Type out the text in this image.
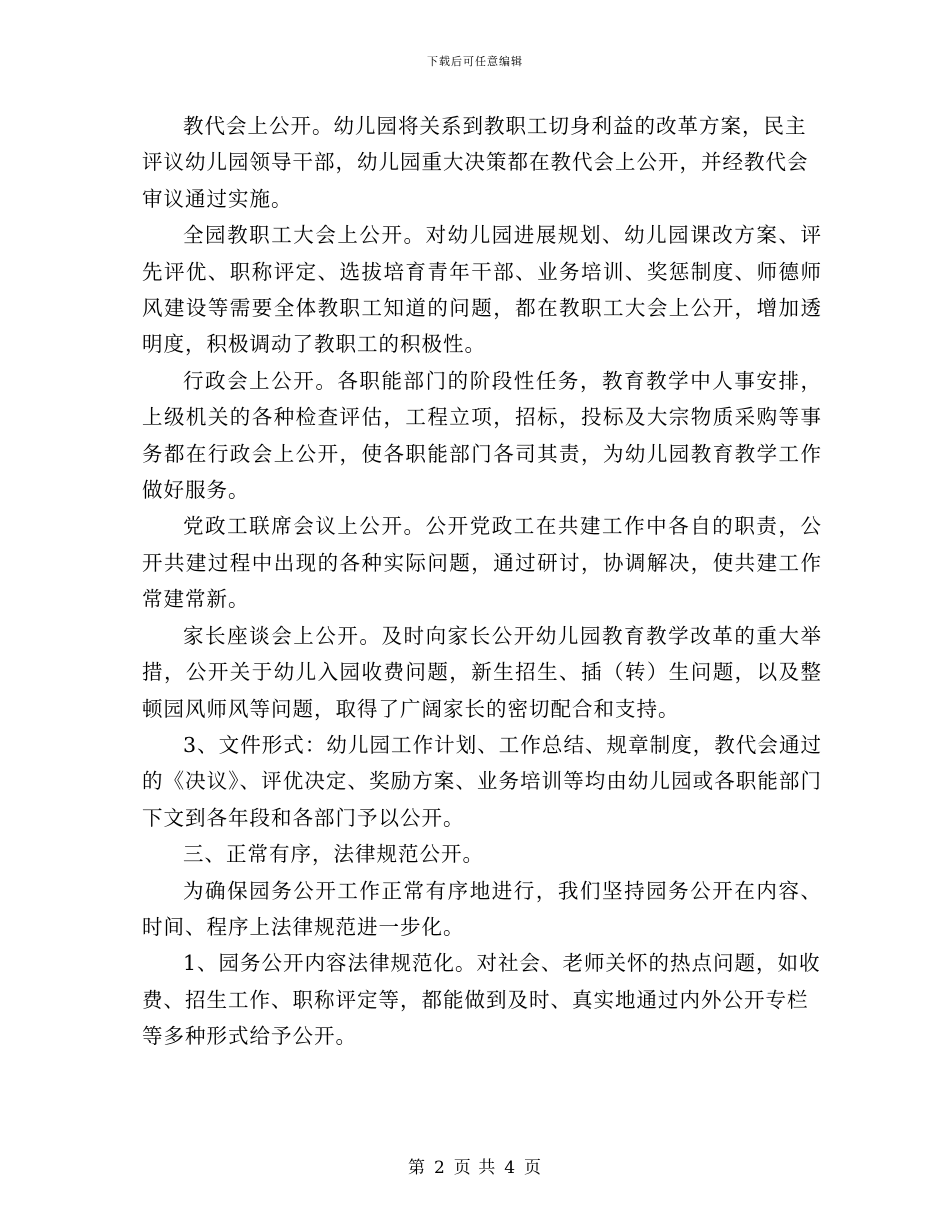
下载后可任意编辑

教代会上公开。幼儿园将关系到教职工切身利益的改革方案，民主评议幼儿园领导干部，幼儿园重大决策都在教代会上公开，并经教代会审议通过实施。

全园教职工大会上公开。对幼儿园进展规划、幼儿园课改方案、评先评优、职称评定、选拔培育青年干部、业务培训、奖惩制度、师德师风建设等需要全体教职工知道的问题，都在教职工大会上公开，增加透明度，积极调动了教职工的积极性。

行政会上公开。各职能部门的阶段性任务，教育教学中人事安排，上级机关的各种检查评估，工程立项，招标，投标及大宗物质采购等事务都在行政会上公开，使各职能部门各司其责，为幼儿园教育教学工作做好服务。

党政工联席会议上公开。公开党政工在共建工作中各自的职责，公开共建过程中出现的各种实际问题，通过研讨，协调解决，使共建工作常建常新。

家长座谈会上公开。及时向家长公开幼儿园教育教学改革的重大举措，公开关于幼儿入园收费问题，新生招生、插（转）生问题，以及整顿园风师风等问题，取得了广阔家长的密切配合和支持。

3、文件形式：幼儿园工作计划、工作总结、规章制度，教代会通过的《决议》、评优决定、奖励方案、业务培训等均由幼儿园或各职能部门下文到各年段和各部门予以公开。

三、正常有序，法律规范公开。

为确保园务公开工作正常有序地进行，我们坚持园务公开在内容、时间、程序上法律规范进一步化。

1、园务公开内容法律规范化。对社会、老师关怀的热点问题，如收费、招生工作、职称评定等，都能做到及时、真实地通过内外公开专栏等多种形式给予公开。

第 2 页 共 4 页
